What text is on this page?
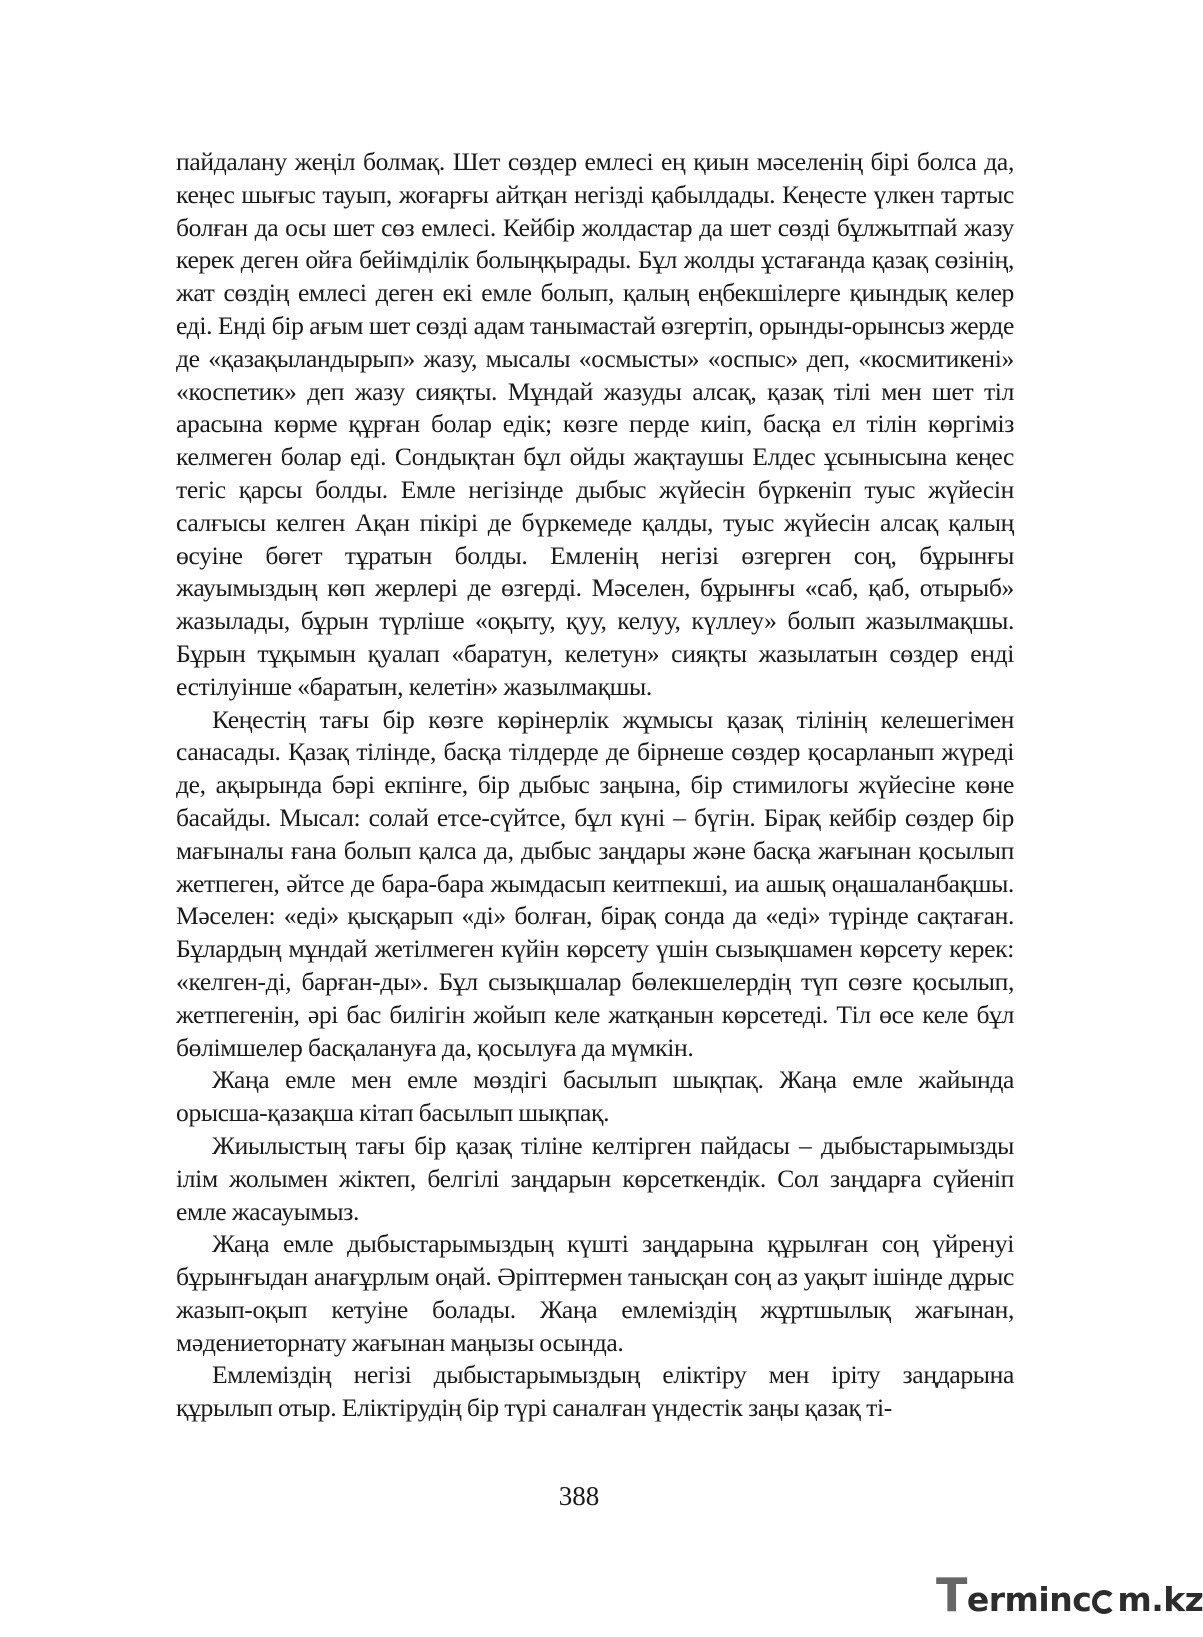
пайдалану жеңіл болмақ. Шет сөздер емлесі ең қиын мәселенің бірі болса да, кеңес шығыс тауып, жоғарғы айтқан негізді қабылдады. Кеңесте үлкен тартыс болған да осы шет сөз емлесі. Кейбір жолдастар да шет сөзді бұлжытпай жазу керек деген ойға бейімділік болыңқырады. Бұл жолды ұстағанда қазақ сөзінің, жат сөздің емлесі деген екі емле болып, қалың еңбекшілерге қиындық келер еді. Енді бір ағым шет сөзді адам танымастай өзгертіп, орынды-орынсыз жерде де «қазақыландырып» жазу, мысалы «осмысты» «оспыс» деп, «космитикені» «коспетик» деп жазу сияқты. Мұндай жазуды алсақ, қазақ тілі мен шет тіл арасына көрме құрған болар едік; көзге перде киіп, басқа ел тілін көргіміз келмеген болар еді. Сондықтан бұл ойды жақтаушы Елдес ұсынысына кеңес тегіс қарсы болды. Емле негізінде дыбыс жүйесін бүркеніп туыс жүйесін салғысы келген Ақан пікірі де бүркемеде қалды, туыс жүйесін алсақ қалың өсуіне бөгет тұратын болды. Емленің негізі өзгерген соң, бұрынғы жауымыздың көп жерлері де өзгерді. Мәселен, бұрынғы «саб, қаб, отырыб» жазылады, бұрын түрліше «оқыту, қуу, келуу, күллеу» болып жазылмақшы. Бұрын тұқымын қуалап «баратун, келетун» сияқты жазылатын сөздер енді естілуінше «баратын, келетін» жазылмақшы.

Кеңестің тағы бір көзге көрінерлік жұмысы қазақ тілінің келешегімен санасады. Қазақ тілінде, басқа тілдерде де бірнеше сөздер қосарланып жүреді де, ақырында бәрі екпінге, бір дыбыс заңына, бір стимилогы жүйесіне көне басайды. Мысал: солай етсе-сүйтсе, бұл күні – бүгін. Бірақ кейбір сөздер бір мағыналы ғана болып қалса да, дыбыс заңдары және басқа жағынан қосылып жетпеген, әйтсе де бара-бара жымдасып кеитпекші, иа ашық оңашаланбақшы. Мәселен: «еді» қысқарып «ді» болған, бірақ сонда да «еді» түрінде сақтаған. Бұлардың мұндай жетілмеген күйін көрсету үшін сызықшамен көрсету керек: «келген-ді, барған-ды». Бұл сызықшалар бөлекшелердің түп сөзге қосылып, жетпегенін, әрі бас билігін жойып келе жатқанын көрсетеді. Тіл өсе келе бұл бөлімшелер басқалануға да, қосылуға да мүмкін.

Жаңа емле мен емле мөздігі басылып шықпақ. Жаңа емле жайында орысша-қазақша кітап басылып шықпақ.

Жиылыстың тағы бір қазақ тіліне келтірген пайдасы – дыбыстарымызды ілім жолымен жіктеп, белгілі заңдарын көрсеткендік. Сол заңдарға сүйеніп емле жасауымыз.

Жаңа емле дыбыстарымыздың күшті заңдарына құрылған соң үйренуі бұрынғыдан анағұрлым оңай. Әріптермен танысқан соң аз уақыт ішінде дұрыс жазып-оқып кетуіне болады. Жаңа емлеміздің жұртшылық жағынан, мәдениеторнату жағынан маңызы осында.

Емлеміздің негізі дыбыстарымыздың еліктіру мен іріту заңдарына құрылып отыр. Еліктірудің бір түрі саналған үндестік заңы қазақ ті-

388
Terminc m.kz
